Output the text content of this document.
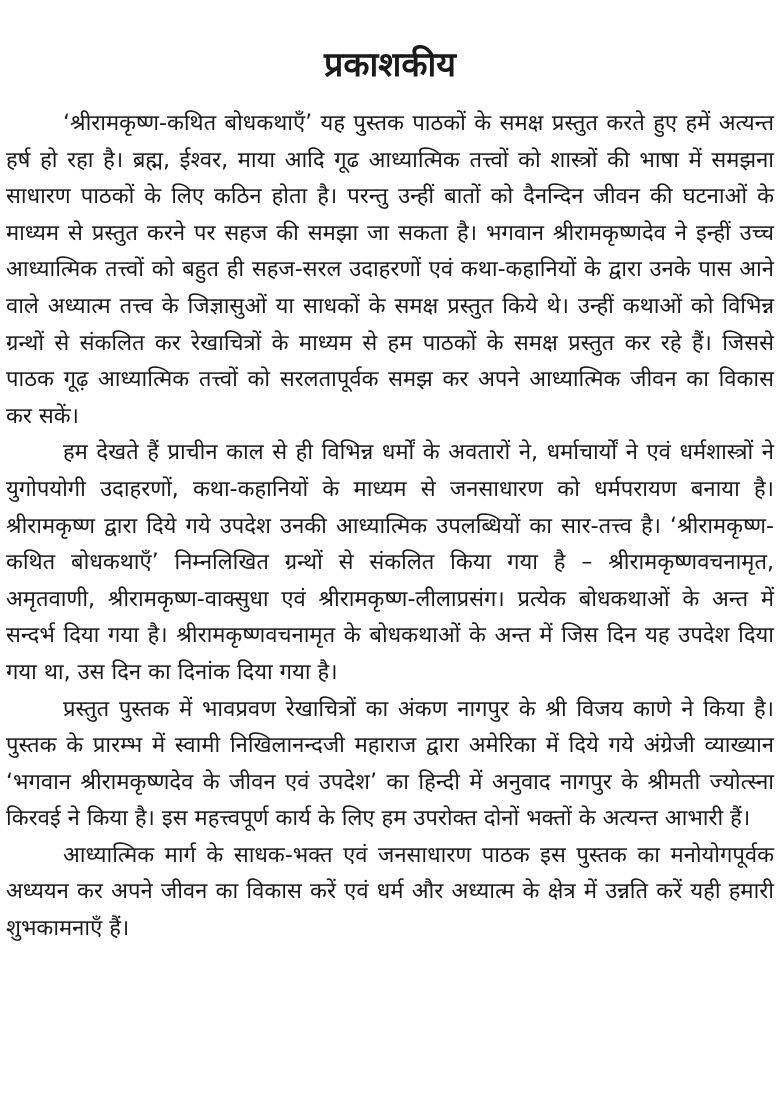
प्रकाशकीय

‘श्रीरामकृष्ण-कथित बोधकथाएँ’ यह पुस्तक पाठकों के समक्ष प्रस्तुत करते हुए हमें अत्यन्त हर्ष हो रहा है। ब्रह्म, ईश्वर, माया आदि गूढ आध्यात्मिक तत्त्वों को शास्त्रों की भाषा में समझना साधारण पाठकों के लिए कठिन होता है। परन्तु उन्हीं बातों को दैनन्दिन जीवन की घटनाओं के माध्यम से प्रस्तुत करने पर सहज की समझा जा सकता है। भगवान श्रीरामकृष्णदेव ने इन्हीं उच्च आध्यात्मिक तत्त्वों को बहुत ही सहज-सरल उदाहरणों एवं कथा-कहानियों के द्वारा उनके पास आने वाले अध्यात्म तत्त्व के जिज्ञासुओं या साधकों के समक्ष प्रस्तुत किये थे। उन्हीं कथाओं को विभिन्न ग्रन्थों से संकलित कर रेखाचित्रों के माध्यम से हम पाठकों के समक्ष प्रस्तुत कर रहे हैं। जिससे पाठक गूढ़ आध्यात्मिक तत्त्वों को सरलतापूर्वक समझ कर अपने आध्यात्मिक जीवन का विकास कर सकें।

हम देखते हैं प्राचीन काल से ही विभिन्न धर्मों के अवतारों ने, धर्माचार्यों ने एवं धर्मशास्त्रों ने युगोपयोगी उदाहरणों, कथा-कहानियों के माध्यम से जनसाधारण को धर्मपरायण बनाया है। श्रीरामकृष्ण द्वारा दिये गये उपदेश उनकी आध्यात्मिक उपलब्धियों का सार-तत्त्व है। ‘श्रीरामकृष्ण-कथित बोधकथाएँ’ निम्नलिखित ग्रन्थों से संकलित किया गया है – श्रीरामकृष्णवचनामृत, अमृतवाणी, श्रीरामकृष्ण-वाक्सुधा एवं श्रीरामकृष्ण-लीलाप्रसंग। प्रत्येक बोधकथाओं के अन्त में सन्दर्भ दिया गया है। श्रीरामकृष्णवचनामृत के बोधकथाओं के अन्त में जिस दिन यह उपदेश दिया गया था, उस दिन का दिनांक दिया गया है।

प्रस्तुत पुस्तक में भावप्रवण रेखाचित्रों का अंकण नागपुर के श्री विजय काणे ने किया है। पुस्तक के प्रारम्भ में स्वामी निखिलानन्दजी महाराज द्वारा अमेरिका में दिये गये अंग्रेजी व्याख्यान ‘भगवान श्रीरामकृष्णदेव के जीवन एवं उपदेश’ का हिन्दी में अनुवाद नागपुर के श्रीमती ज्योत्स्ना किरवई ने किया है। इस महत्त्वपूर्ण कार्य के लिए हम उपरोक्त दोनों भक्तों के अत्यन्त आभारी हैं।

आध्यात्मिक मार्ग के साधक-भक्त एवं जनसाधारण पाठक इस पुस्तक का मनोयोगपूर्वक अध्ययन कर अपने जीवन का विकास करें एवं धर्म और अध्यात्म के क्षेत्र में उन्नति करें यही हमारी शुभकामनाएँ हैं।
